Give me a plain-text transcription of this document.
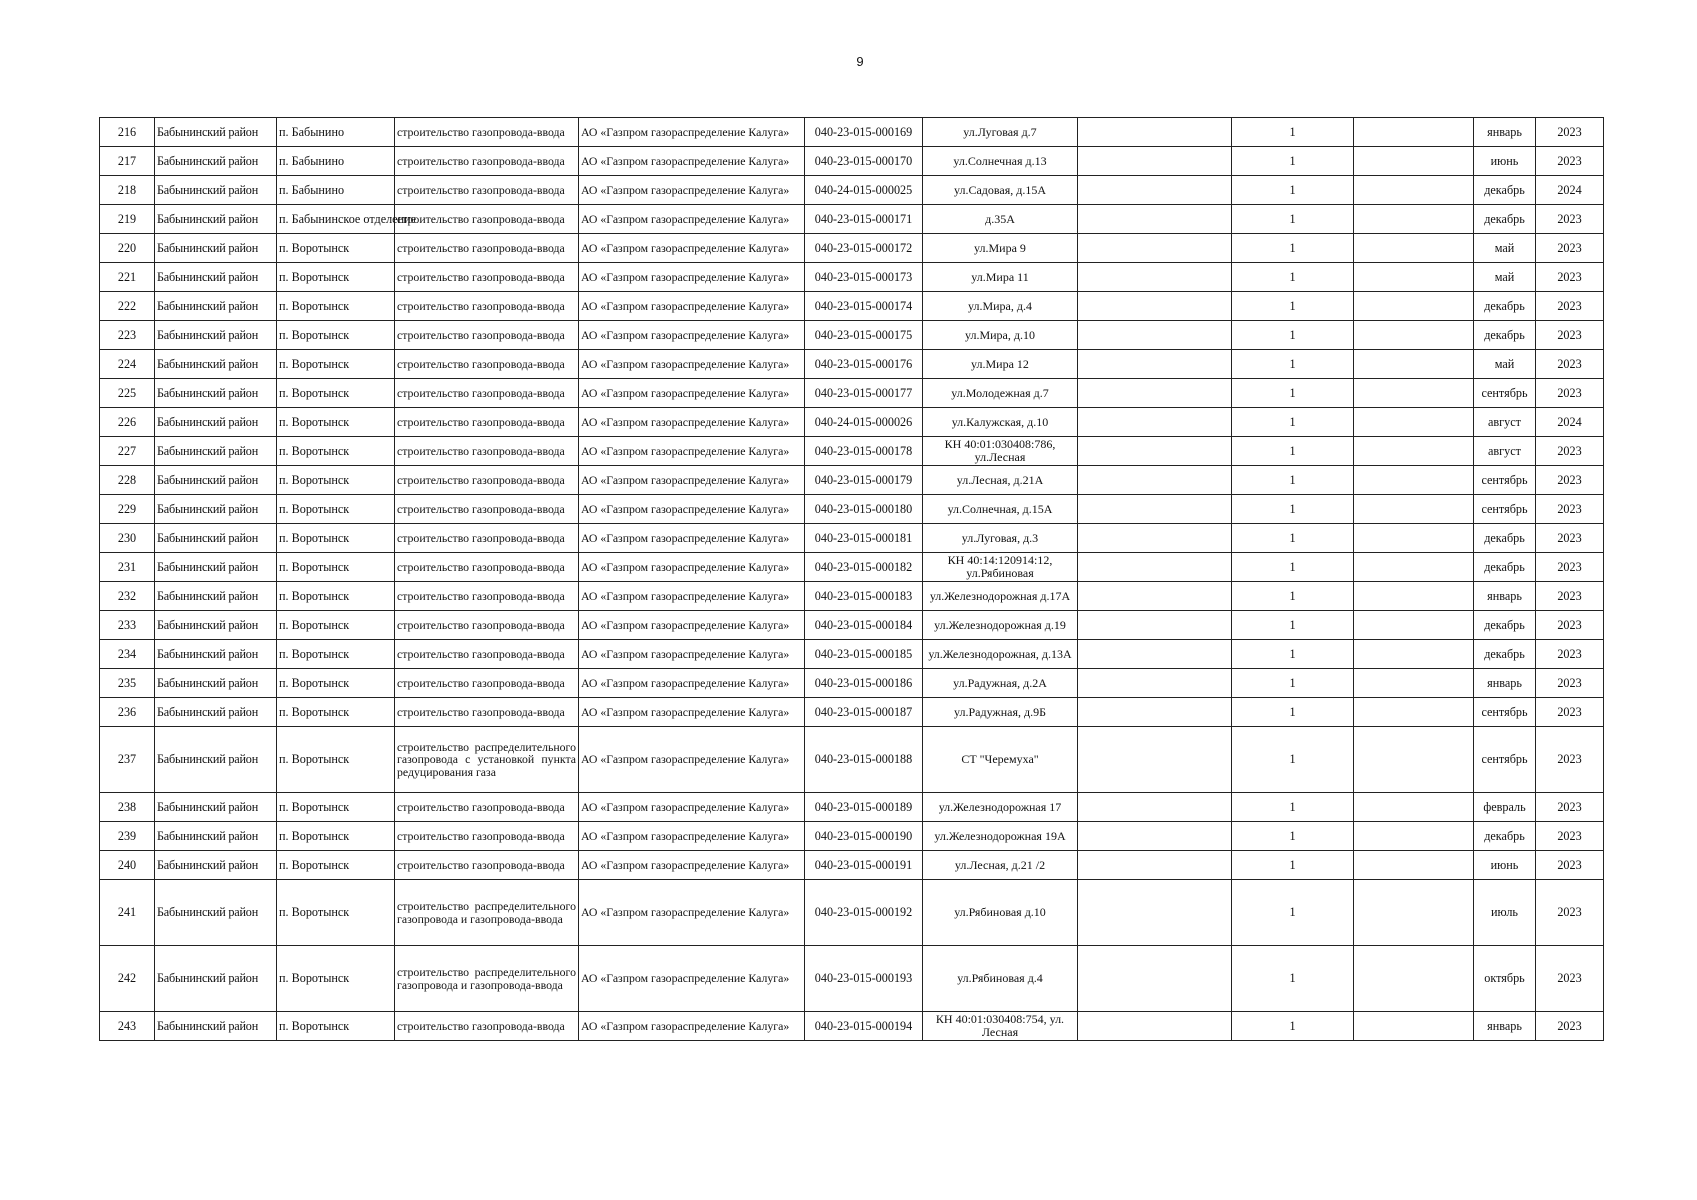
9
216	Бабынинский район	п. Бабынино	строительство газопровода-ввода	АО «Газпром газораспределение Калуга»	040-23-015-000169	ул.Луговая д.7		1		январь	2023
217	Бабынинский район	п. Бабынино	строительство газопровода-ввода	АО «Газпром газораспределение Калуга»	040-23-015-000170	ул.Солнечная д.13		1		июнь	2023
218	Бабынинский район	п. Бабынино	строительство газопровода-ввода	АО «Газпром газораспределение Калуга»	040-24-015-000025	ул.Садовая, д.15А		1		декабрь	2024
219	Бабынинский район	п. Бабынинское отделение	строительство газопровода-ввода	АО «Газпром газораспределение Калуга»	040-23-015-000171	д.35А		1		декабрь	2023
220	Бабынинский район	п. Воротынск	строительство газопровода-ввода	АО «Газпром газораспределение Калуга»	040-23-015-000172	ул.Мира 9		1		май	2023
221	Бабынинский район	п. Воротынск	строительство газопровода-ввода	АО «Газпром газораспределение Калуга»	040-23-015-000173	ул.Мира 11		1		май	2023
222	Бабынинский район	п. Воротынск	строительство газопровода-ввода	АО «Газпром газораспределение Калуга»	040-23-015-000174	ул.Мира, д.4		1		декабрь	2023
223	Бабынинский район	п. Воротынск	строительство газопровода-ввода	АО «Газпром газораспределение Калуга»	040-23-015-000175	ул.Мира, д.10		1		декабрь	2023
224	Бабынинский район	п. Воротынск	строительство газопровода-ввода	АО «Газпром газораспределение Калуга»	040-23-015-000176	ул.Мира 12		1		май	2023
225	Бабынинский район	п. Воротынск	строительство газопровода-ввода	АО «Газпром газораспределение Калуга»	040-23-015-000177	ул.Молодежная д.7		1		сентябрь	2023
226	Бабынинский район	п. Воротынск	строительство газопровода-ввода	АО «Газпром газораспределение Калуга»	040-24-015-000026	ул.Калужская, д.10		1		август	2024
227	Бабынинский район	п. Воротынск	строительство газопровода-ввода	АО «Газпром газораспределение Калуга»	040-23-015-000178	КН 40:01:030408:786, ул.Лесная		1		август	2023
228	Бабынинский район	п. Воротынск	строительство газопровода-ввода	АО «Газпром газораспределение Калуга»	040-23-015-000179	ул.Лесная, д.21А		1		сентябрь	2023
229	Бабынинский район	п. Воротынск	строительство газопровода-ввода	АО «Газпром газораспределение Калуга»	040-23-015-000180	ул.Солнечная, д.15А		1		сентябрь	2023
230	Бабынинский район	п. Воротынск	строительство газопровода-ввода	АО «Газпром газораспределение Калуга»	040-23-015-000181	ул.Луговая, д.3		1		декабрь	2023
231	Бабынинский район	п. Воротынск	строительство газопровода-ввода	АО «Газпром газораспределение Калуга»	040-23-015-000182	КН 40:14:120914:12, ул.Рябиновая		1		декабрь	2023
232	Бабынинский район	п. Воротынск	строительство газопровода-ввода	АО «Газпром газораспределение Калуга»	040-23-015-000183	ул.Железнодорожная д.17А		1		январь	2023
233	Бабынинский район	п. Воротынск	строительство газопровода-ввода	АО «Газпром газораспределение Калуга»	040-23-015-000184	ул.Железнодорожная д.19		1		декабрь	2023
234	Бабынинский район	п. Воротынск	строительство газопровода-ввода	АО «Газпром газораспределение Калуга»	040-23-015-000185	ул.Железнодорожная, д.13А		1		декабрь	2023
235	Бабынинский район	п. Воротынск	строительство газопровода-ввода	АО «Газпром газораспределение Калуга»	040-23-015-000186	ул.Радужная, д.2А		1		январь	2023
236	Бабынинский район	п. Воротынск	строительство газопровода-ввода	АО «Газпром газораспределение Калуга»	040-23-015-000187	ул.Радужная, д.9Б		1		сентябрь	2023
237	Бабынинский район	п. Воротынск	строительство распределительного газопровода с установкой пункта редуцирования газа	АО «Газпром газораспределение Калуга»	040-23-015-000188	СТ "Черемуха"		1		сентябрь	2023
238	Бабынинский район	п. Воротынск	строительство газопровода-ввода	АО «Газпром газораспределение Калуга»	040-23-015-000189	ул.Железнодорожная 17		1		февраль	2023
239	Бабынинский район	п. Воротынск	строительство газопровода-ввода	АО «Газпром газораспределение Калуга»	040-23-015-000190	ул.Железнодорожная 19А		1		декабрь	2023
240	Бабынинский район	п. Воротынск	строительство газопровода-ввода	АО «Газпром газораспределение Калуга»	040-23-015-000191	ул.Лесная, д.21 /2		1		июнь	2023
241	Бабынинский район	п. Воротынск	строительство распределительного газопровода и газопровода-ввода	АО «Газпром газораспределение Калуга»	040-23-015-000192	ул.Рябиновая д.10		1		июль	2023
242	Бабынинский район	п. Воротынск	строительство распределительного газопровода и газопровода-ввода	АО «Газпром газораспределение Калуга»	040-23-015-000193	ул.Рябиновая д.4		1		октябрь	2023
243	Бабынинский район	п. Воротынск	строительство газопровода-ввода	АО «Газпром газораспределение Калуга»	040-23-015-000194	КН 40:01:030408:754, ул. Лесная		1		январь	2023
